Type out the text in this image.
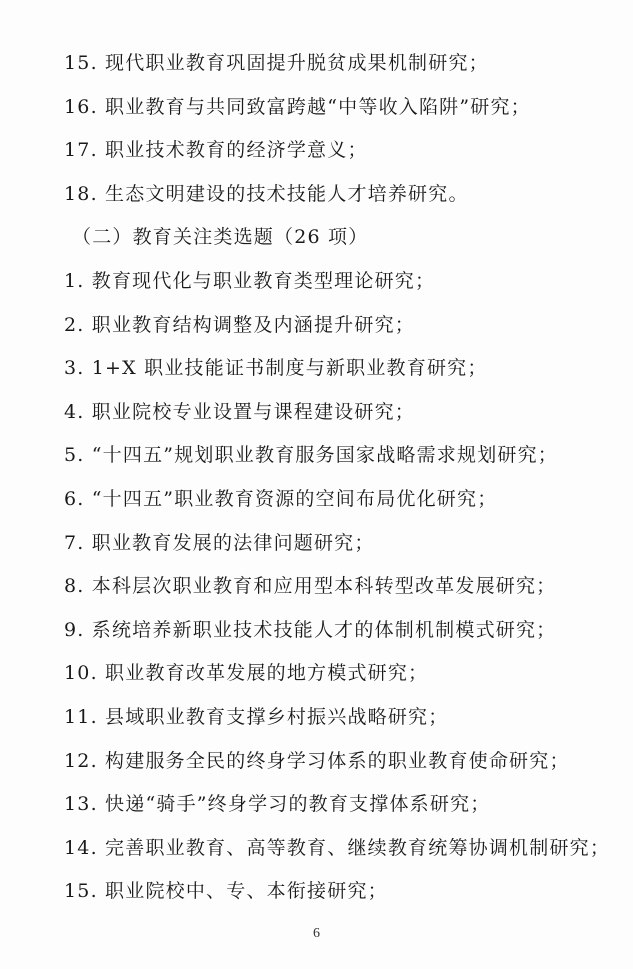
15. 现代职业教育巩固提升脱贫成果机制研究；
16. 职业教育与共同致富跨越“中等收入陷阱”研究；
17. 职业技术教育的经济学意义；
18. 生态文明建设的技术技能人才培养研究。
（二）教育关注类选题（26 项）
1. 教育现代化与职业教育类型理论研究；
2. 职业教育结构调整及内涵提升研究；
3. 1+X 职业技能证书制度与新职业教育研究；
4. 职业院校专业设置与课程建设研究；
5. “十四五”规划职业教育服务国家战略需求规划研究；
6. “十四五”职业教育资源的空间布局优化研究；
7. 职业教育发展的法律问题研究；
8. 本科层次职业教育和应用型本科转型改革发展研究；
9. 系统培养新职业技术技能人才的体制机制模式研究；
10. 职业教育改革发展的地方模式研究；
11. 县域职业教育支撑乡村振兴战略研究；
12. 构建服务全民的终身学习体系的职业教育使命研究；
13. 快递“骑手”终身学习的教育支撑体系研究；
14. 完善职业教育、高等教育、继续教育统筹协调机制研究；
15. 职业院校中、专、本衔接研究；
6
